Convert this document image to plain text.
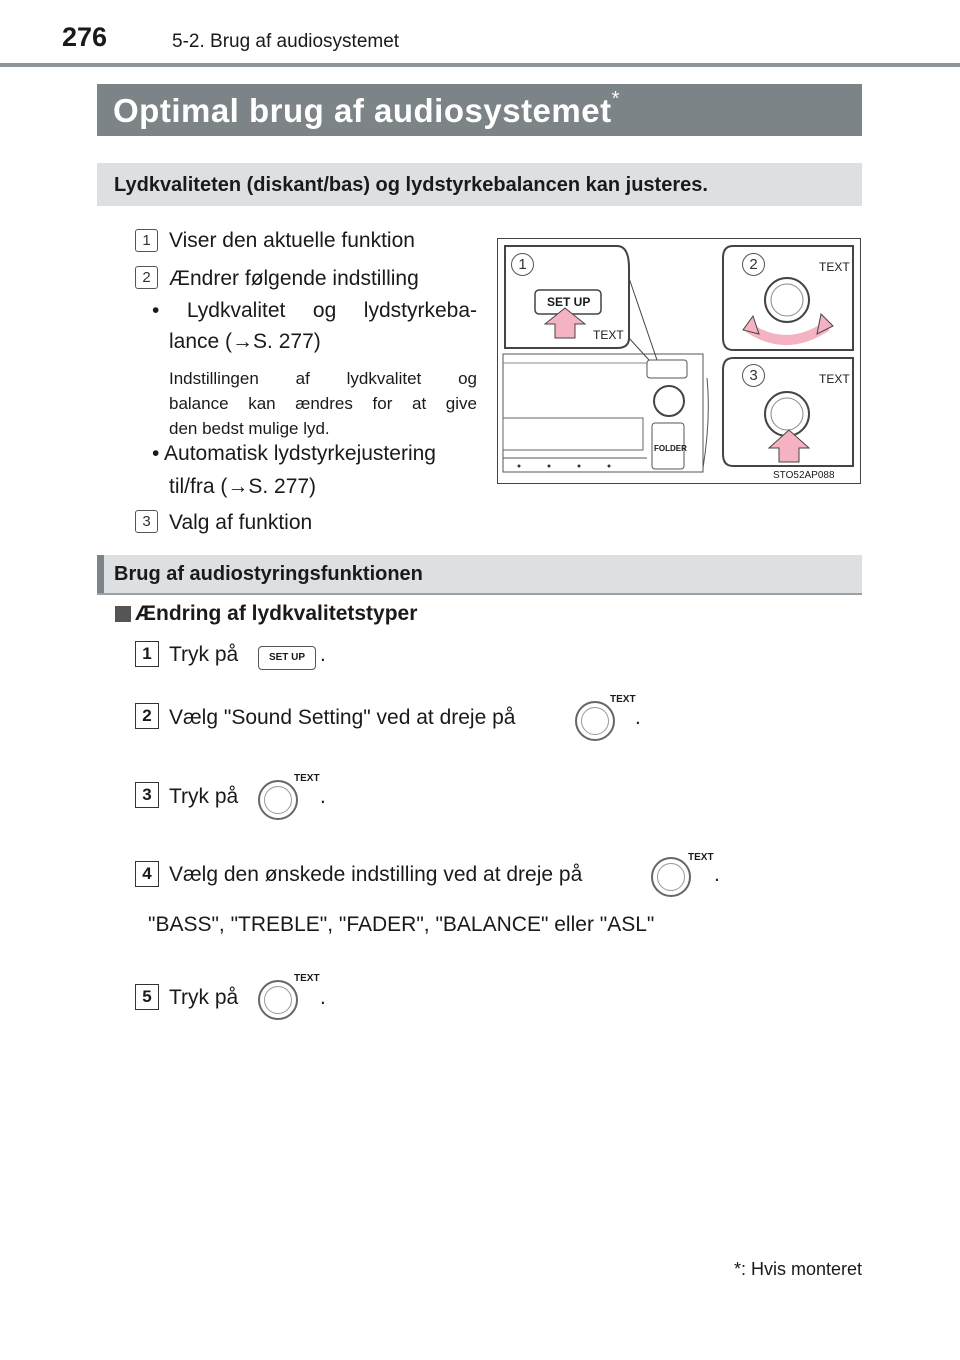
276	5-2. Brug af audiosystemet
Optimal brug af audiosystemet*
Lydkvaliteten (diskant/bas) og lydstyrkebalancen kan justeres.
1 Viser den aktuelle funktion
2 Ændrer følgende indstilling
• Lydkvalitet og lydstyrkeba-
lance (→S. 277)
Indstillingen af lydkvalitet og
balance kan ændres for at give
den bedst mulige lyd.
• Automatisk lydstyrkejustering
til/fra (→S. 277)
3 Valg af funktion
1	2
3
SET UP
TEXT
TEXT
TEXT
FOLDER
STO52AP088
Brug af audiostyringsfunktionen
Ændring af lydkvalitetstyper
1 Tryk på	SET UP .
2 Vælg "Sound Setting" ved at dreje på
TEXT
.
3 Tryk på
TEXT
.
4 Vælg den ønskede indstilling ved at dreje på
TEXT
.
"BASS", "TREBLE", "FADER", "BALANCE" eller "ASL"
5 Tryk på
TEXT
.
*: Hvis monteret
